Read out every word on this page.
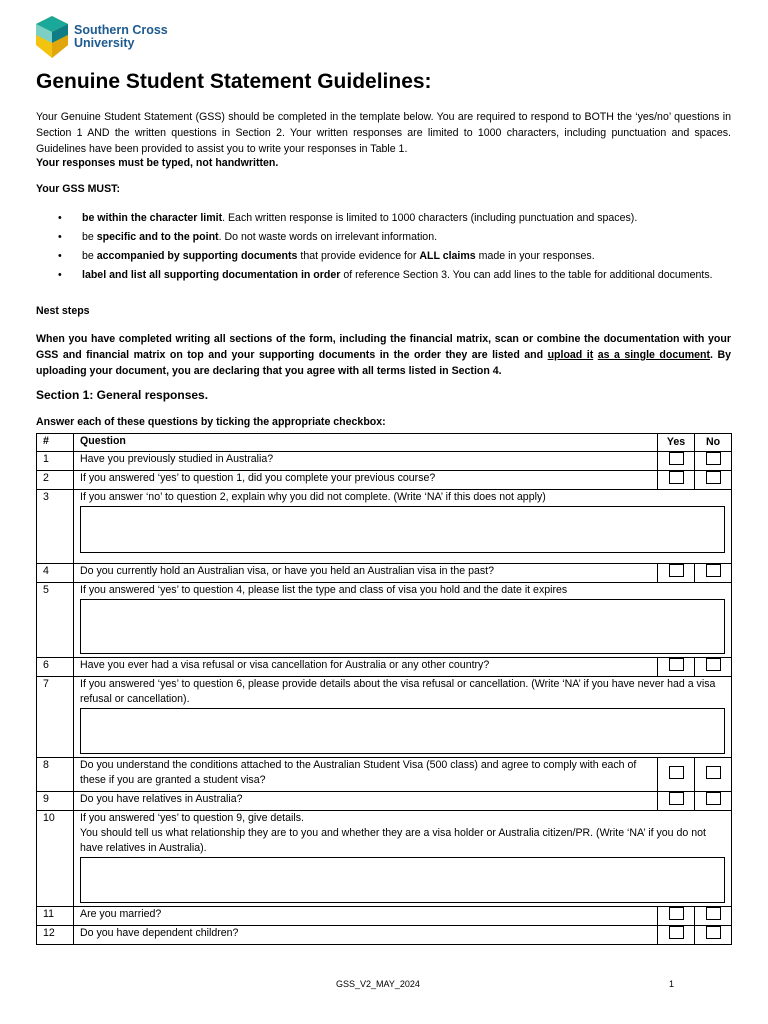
Southern Cross
University
Genuine Student Statement Guidelines:
Your Genuine Student Statement (GSS) should be completed in the template below. You are required to respond to BOTH the ‘yes/no’ questions in Section 1 AND the written questions in Section 2. Your written responses are limited to 1000 characters, including punctuation and spaces. Guidelines have been provided to assist you to write your responses in Table 1.
Your responses must be typed, not handwritten.
Your GSS MUST:
• be within the character limit. Each written response is limited to 1000 characters (including punctuation and spaces).
• be specific and to the point. Do not waste words on irrelevant information.
• be accompanied by supporting documents that provide evidence for ALL claims made in your responses.
• label and list all supporting documentation in order of reference Section 3. You can add lines to the table for additional documents.
Nest steps
When you have completed writing all sections of the form, including the financial matrix, scan or combine the documentation with your GSS and financial matrix on top and your supporting documents in the order they are listed and upload it as a single document. By uploading your document, you are declaring that you agree with all terms listed in Section 4.
Section 1: General responses.
Answer each of these questions by ticking the appropriate checkbox:
#	Question	Yes	No
1	Have you previously studied in Australia?		
2	If you answered ‘yes’ to question 1, did you complete your previous course?		
3	If you answer ‘no’ to question 2, explain why you did not complete. (Write ‘NA’ if this does not apply)		

4	Do you currently hold an Australian visa, or have you held an Australian visa in the past?		
5	If you answered ‘yes’ to question 4, please list the type and class of visa you hold and the date it expires		

6	Have you ever had a visa refusal or visa cancellation for Australia or any other country?		
7	If you answered ‘yes’ to question 6, please provide details about the visa refusal or cancellation. (Write ‘NA’ if you have never had a visa refusal or cancellation).		

8	Do you understand the conditions attached to the Australian Student Visa (500 class) and agree to comply with each of these if you are granted a student visa?		
9	Do you have relatives in Australia?		
10	If you answered ‘yes’ to question 9, give details.
You should tell us what relationship they are to you and whether they are a visa holder or Australia citizen/PR. (Write ‘NA’ if you do not have relatives in Australia).		

11	Are you married?		
12	Do you have dependent children?		
GSS_V2_MAY_2024	1
